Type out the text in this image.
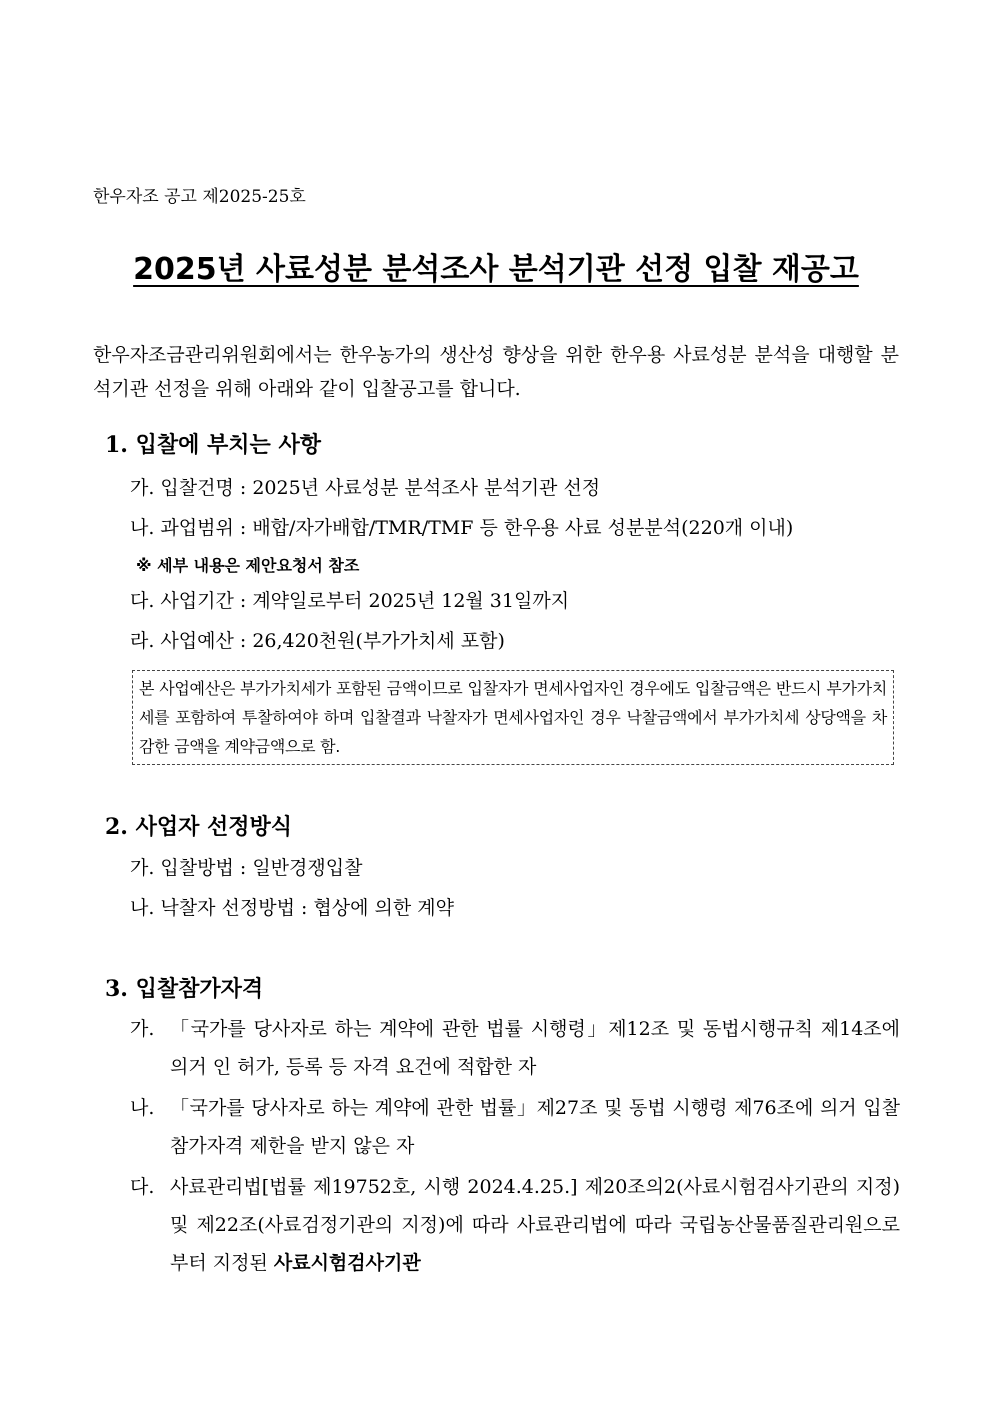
한우자조 공고 제2025-25호
2025년 사료성분 분석조사 분석기관 선정 입찰 재공고
한우자조금관리위원회에서는 한우농가의 생산성 향상을 위한 한우용 사료성분 분석을 대행할 분석기관 선정을 위해 아래와 같이 입찰공고를 합니다.
1. 입찰에 부치는 사항
가. 입찰건명 : 2025년 사료성분 분석조사 분석기관 선정
나. 과업범위 : 배합/자가배합/TMR/TMF 등 한우용 사료 성분분석(220개 이내)
※ 세부 내용은 제안요청서 참조
다. 사업기간 : 계약일로부터 2025년 12월 31일까지
라. 사업예산 : 26,420천원(부가가치세 포함)
본 사업예산은 부가가치세가 포함된 금액이므로 입찰자가 면세사업자인 경우에도 입찰금액은 반드시 부가가치세를 포함하여 투찰하여야 하며 입찰결과 낙찰자가 면세사업자인 경우 낙찰금액에서 부가가치세 상당액을 차감한 금액을 계약금액으로 함.
2. 사업자 선정방식
가. 입찰방법 : 일반경쟁입찰
나. 낙찰자 선정방법 : 협상에 의한 계약
3. 입찰참가자격
가. 「국가를 당사자로 하는 계약에 관한 법률 시행령」제12조 및 동법시행규칙 제14조에 의거 인 허가, 등록 등 자격 요건에 적합한 자
나. 「국가를 당사자로 하는 계약에 관한 법률」제27조 및 동법 시행령 제76조에 의거 입찰참가자격 제한을 받지 않은 자
다. 사료관리법[법률 제19752호, 시행 2024.4.25.] 제20조의2(사료시험검사기관의 지정) 및 제22조(사료검정기관의 지정)에 따라 사료관리법에 따라 국립농산물품질관리원으로부터 지정된 사료시험검사기관
